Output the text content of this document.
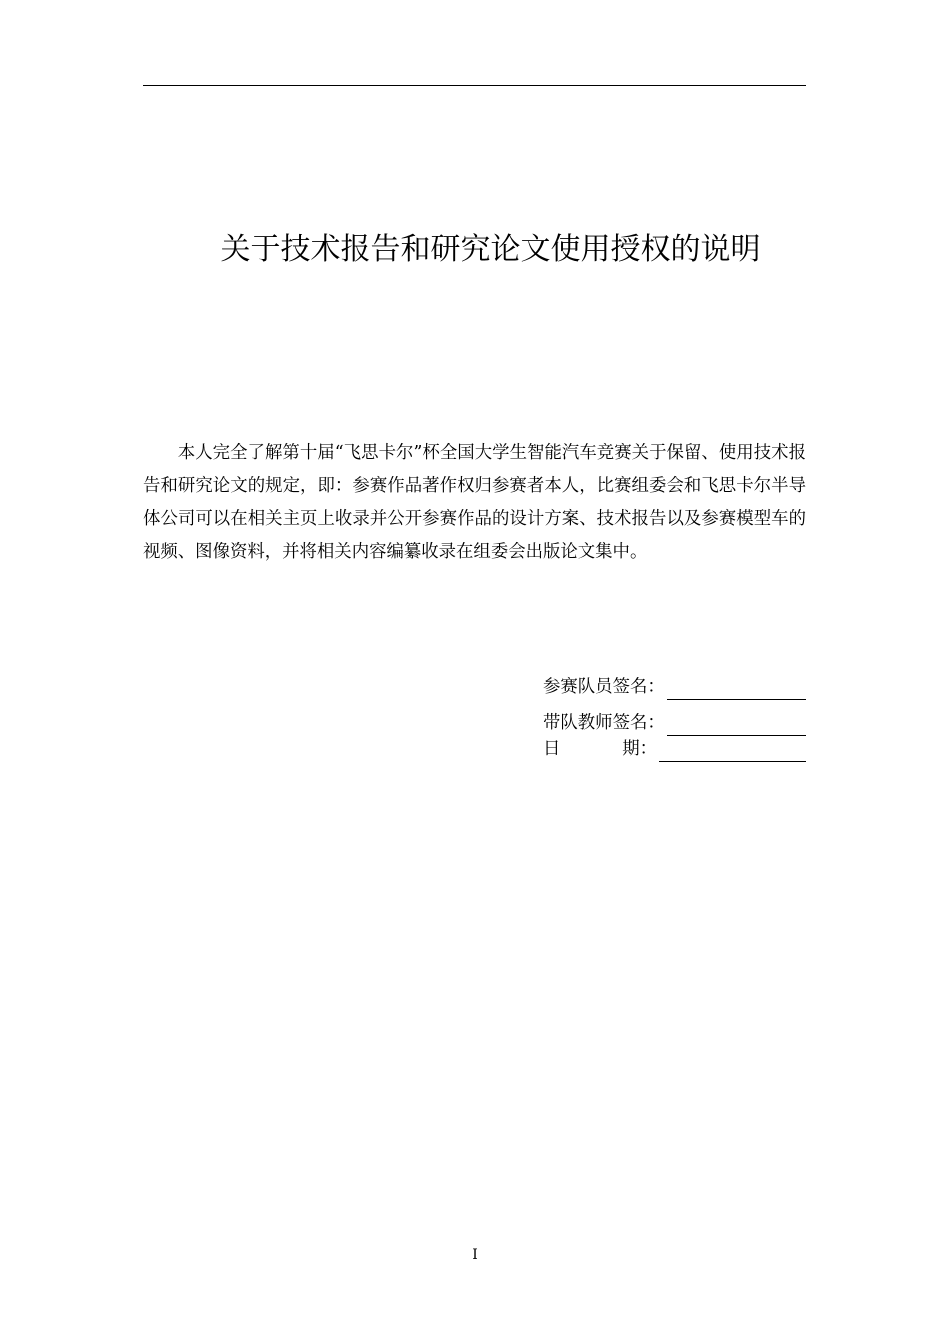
关于技术报告和研究论文使用授权的说明

本人完全了解第十届“飞思卡尔”杯全国大学生智能汽车竞赛关于保留、使用技术报告和研究论文的规定，即：参赛作品著作权归参赛者本人，比赛组委会和飞思卡尔半导体公司可以在相关主页上收录并公开参赛作品的设计方案、技术报告以及参赛模型车的视频、图像资料，并将相关内容编纂收录在组委会出版论文集中。

参赛队员签名：
带队教师签名：
日	期：
I
